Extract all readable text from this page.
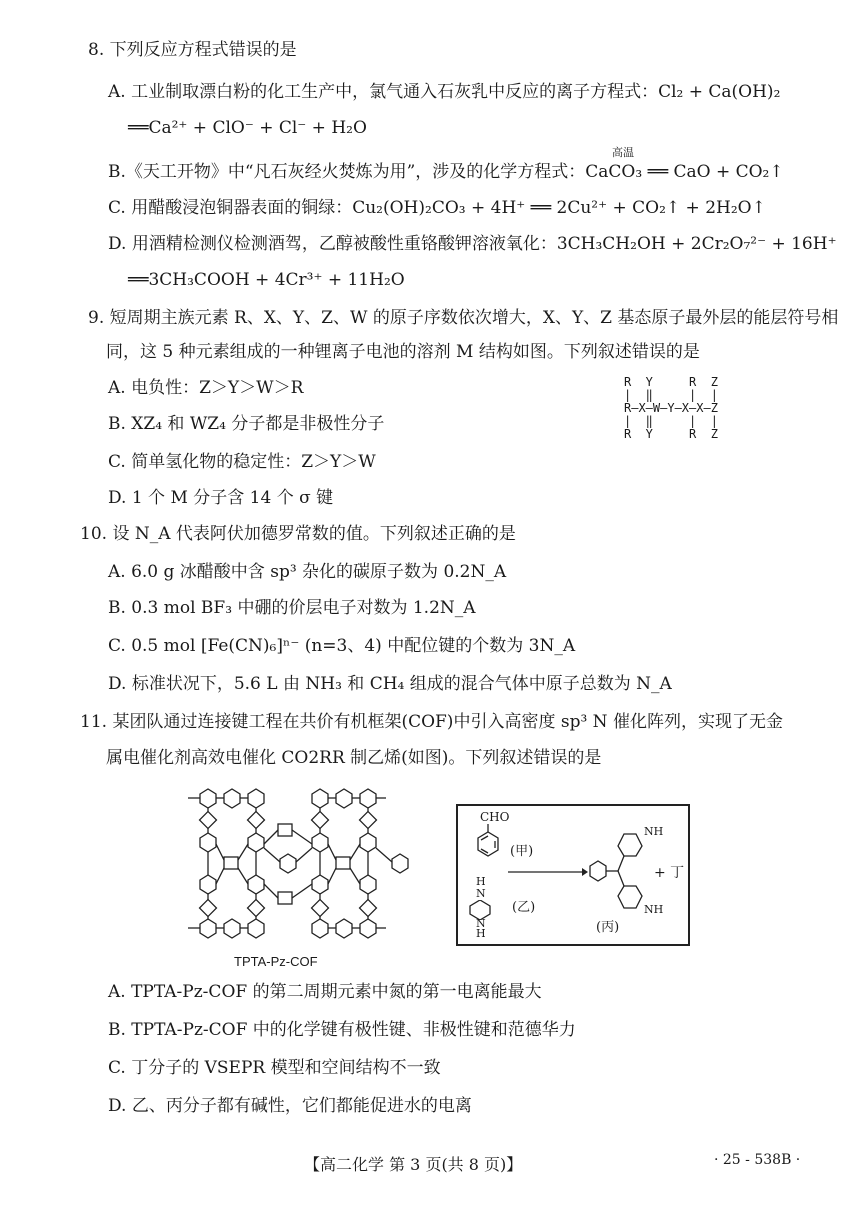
8. 下列反应方程式错误的是
A. 工业制取漂白粉的化工生产中，氯气通入石灰乳中反应的离子方程式：Cl₂ + Ca(OH)₂
══Ca²⁺ + ClO⁻ + Cl⁻ + H₂O
B.《天工开物》中“凡石灰经火焚炼为用”，涉及的化学方程式：CaCO₃ ══ CaO + CO₂↑
高温
C. 用醋酸浸泡铜器表面的铜绿：Cu₂(OH)₂CO₃ + 4H⁺ ══ 2Cu²⁺ + CO₂↑ + 2H₂O↑
D. 用酒精检测仪检测酒驾，乙醇被酸性重铬酸钾溶液氧化：3CH₃CH₂OH + 2Cr₂O₇²⁻ + 16H⁺
══3CH₃COOH + 4Cr³⁺ + 11H₂O
9. 短周期主族元素 R、X、Y、Z、W 的原子序数依次增大，X、Y、Z 基态原子最外层的能层符号相
同，这 5 种元素组成的一种锂离子电池的溶剂 M 结构如图。下列叙述错误的是
A. 电负性：Z＞Y＞W＞R
B. XZ₄ 和 WZ₄ 分子都是非极性分子
C. 简单氢化物的稳定性：Z＞Y＞W
D. 1 个 M 分子含 14 个 σ 键
R  Y     R  Z
|  ‖     |  |
R—X—W—Y—X—X—Z
|  ‖     |  |
R  Y     R  Z
10. 设 N_A 代表阿伏加德罗常数的值。下列叙述正确的是
A. 6.0 g 冰醋酸中含 sp³ 杂化的碳原子数为 0.2N_A
B. 0.3 mol BF₃ 中硼的价层电子对数为 1.2N_A
C. 0.5 mol [Fe(CN)₆]ⁿ⁻ (n=3、4) 中配位键的个数为 3N_A
D. 标准状况下，5.6 L 由 NH₃ 和 CH₄ 组成的混合气体中原子总数为 N_A
11. 某团队通过连接键工程在共价有机框架(COF)中引入高密度 sp³ N 催化阵列，实现了无金
属电催化剂高效电催化 CO2RR 制乙烯(如图)。下列叙述错误的是
TPTA-Pz-COF
CHO
(甲)
H
N
N
H
(乙)
NH
NH
+ 丁
(丙)
A. TPTA-Pz-COF 的第二周期元素中氮的第一电离能最大
B. TPTA-Pz-COF 中的化学键有极性键、非极性键和范德华力
C. 丁分子的 VSEPR 模型和空间结构不一致
D. 乙、丙分子都有碱性，它们都能促进水的电离
【高二化学 第 3 页(共 8 页)】	· 25 - 538B ·
